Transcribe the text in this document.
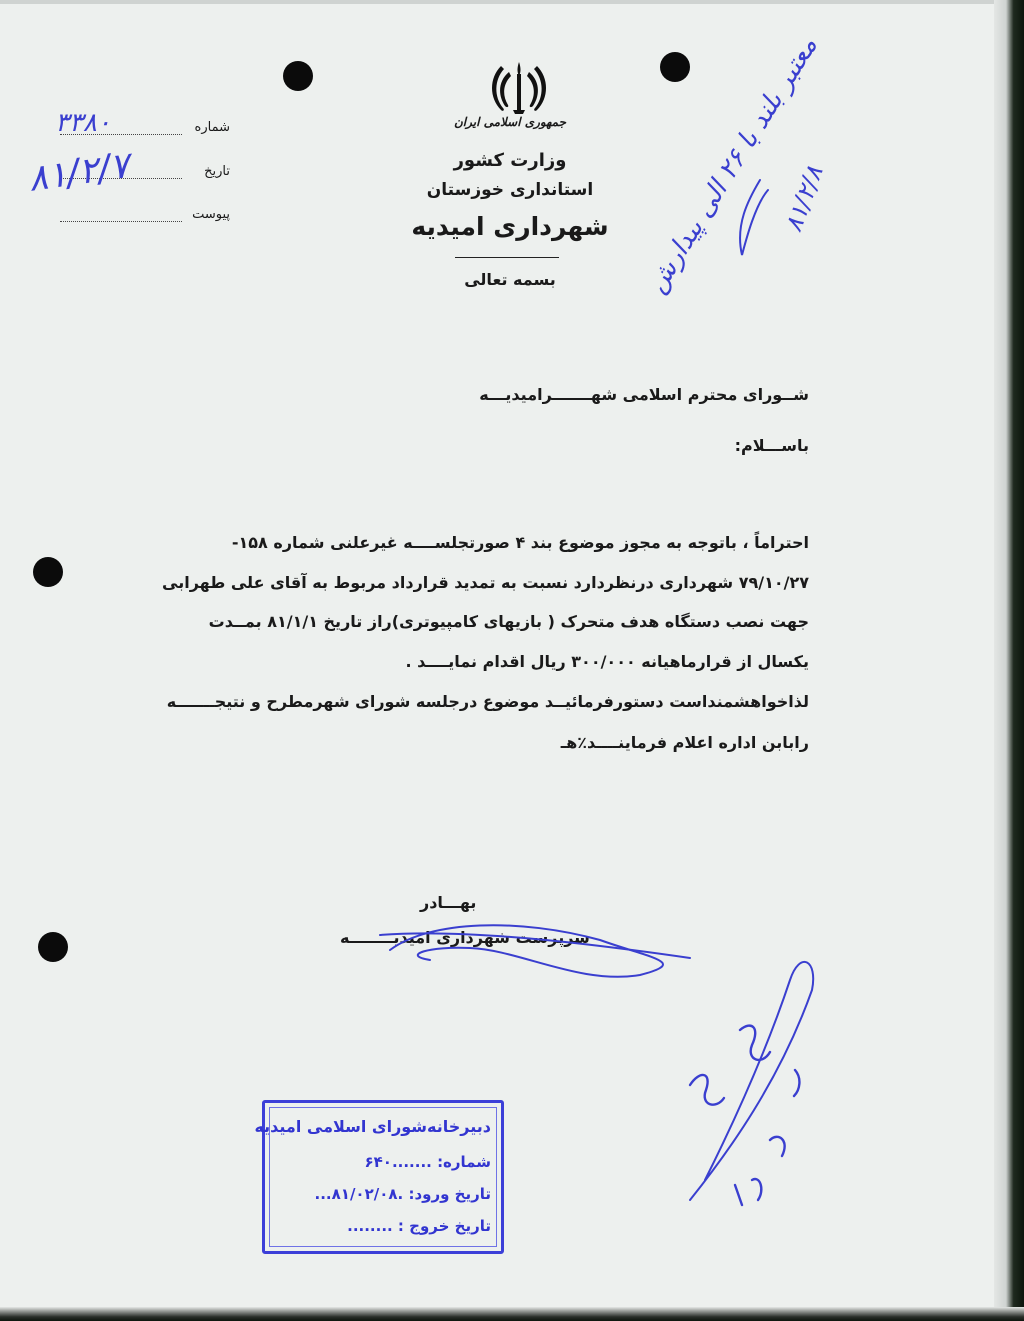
جمهوری اسلامی ایران
وزارت کشور
استانداری خوزستان
شهرداری امیدیه
بسمه تعالی
شماره
تاریخ
پیوست
۳۳۸۰
۸۱/۲/۷
شــورای محترم اسلامی شهـــــــرامیدیـــه
باســـلام:
احتراماً ، باتوجه به مجوز موضوع بند ۴ صورتجلســــه غیرعلنی شماره ۱۵۸-
۷۹/۱۰/۲۷ شهرداری درنظردارد نسبت به تمدید قرارداد مربوط به آقای علی طهرابی
جهت نصب دستگاه هدف متحرک ( بازیهای کامپیوتری)راز تاریخ ۸۱/۱/۱ بمــدت
یکسال از قرارماهیانه ۳۰۰/۰۰۰ ریال اقدام نمایــــد .
لذاخواهشمنداست دستورفرمائیــد موضوع درجلسه شورای شهرمطرح و نتیجـــــــه
رابابن اداره اعلام فرماینــــد٪هـ
بهـــادر
سرپرست شهرداری امیدیــــــــه
معتبر بلند با ۲۶ الی پیدارش
۸۱/۲/۸
دبیرخانه‌شورای اسلامی امیدیه
شماره: .......۶۴۰
تاریخ ورود: .۸۱/۰۲/۰۸...
تاریخ خروج : ........
